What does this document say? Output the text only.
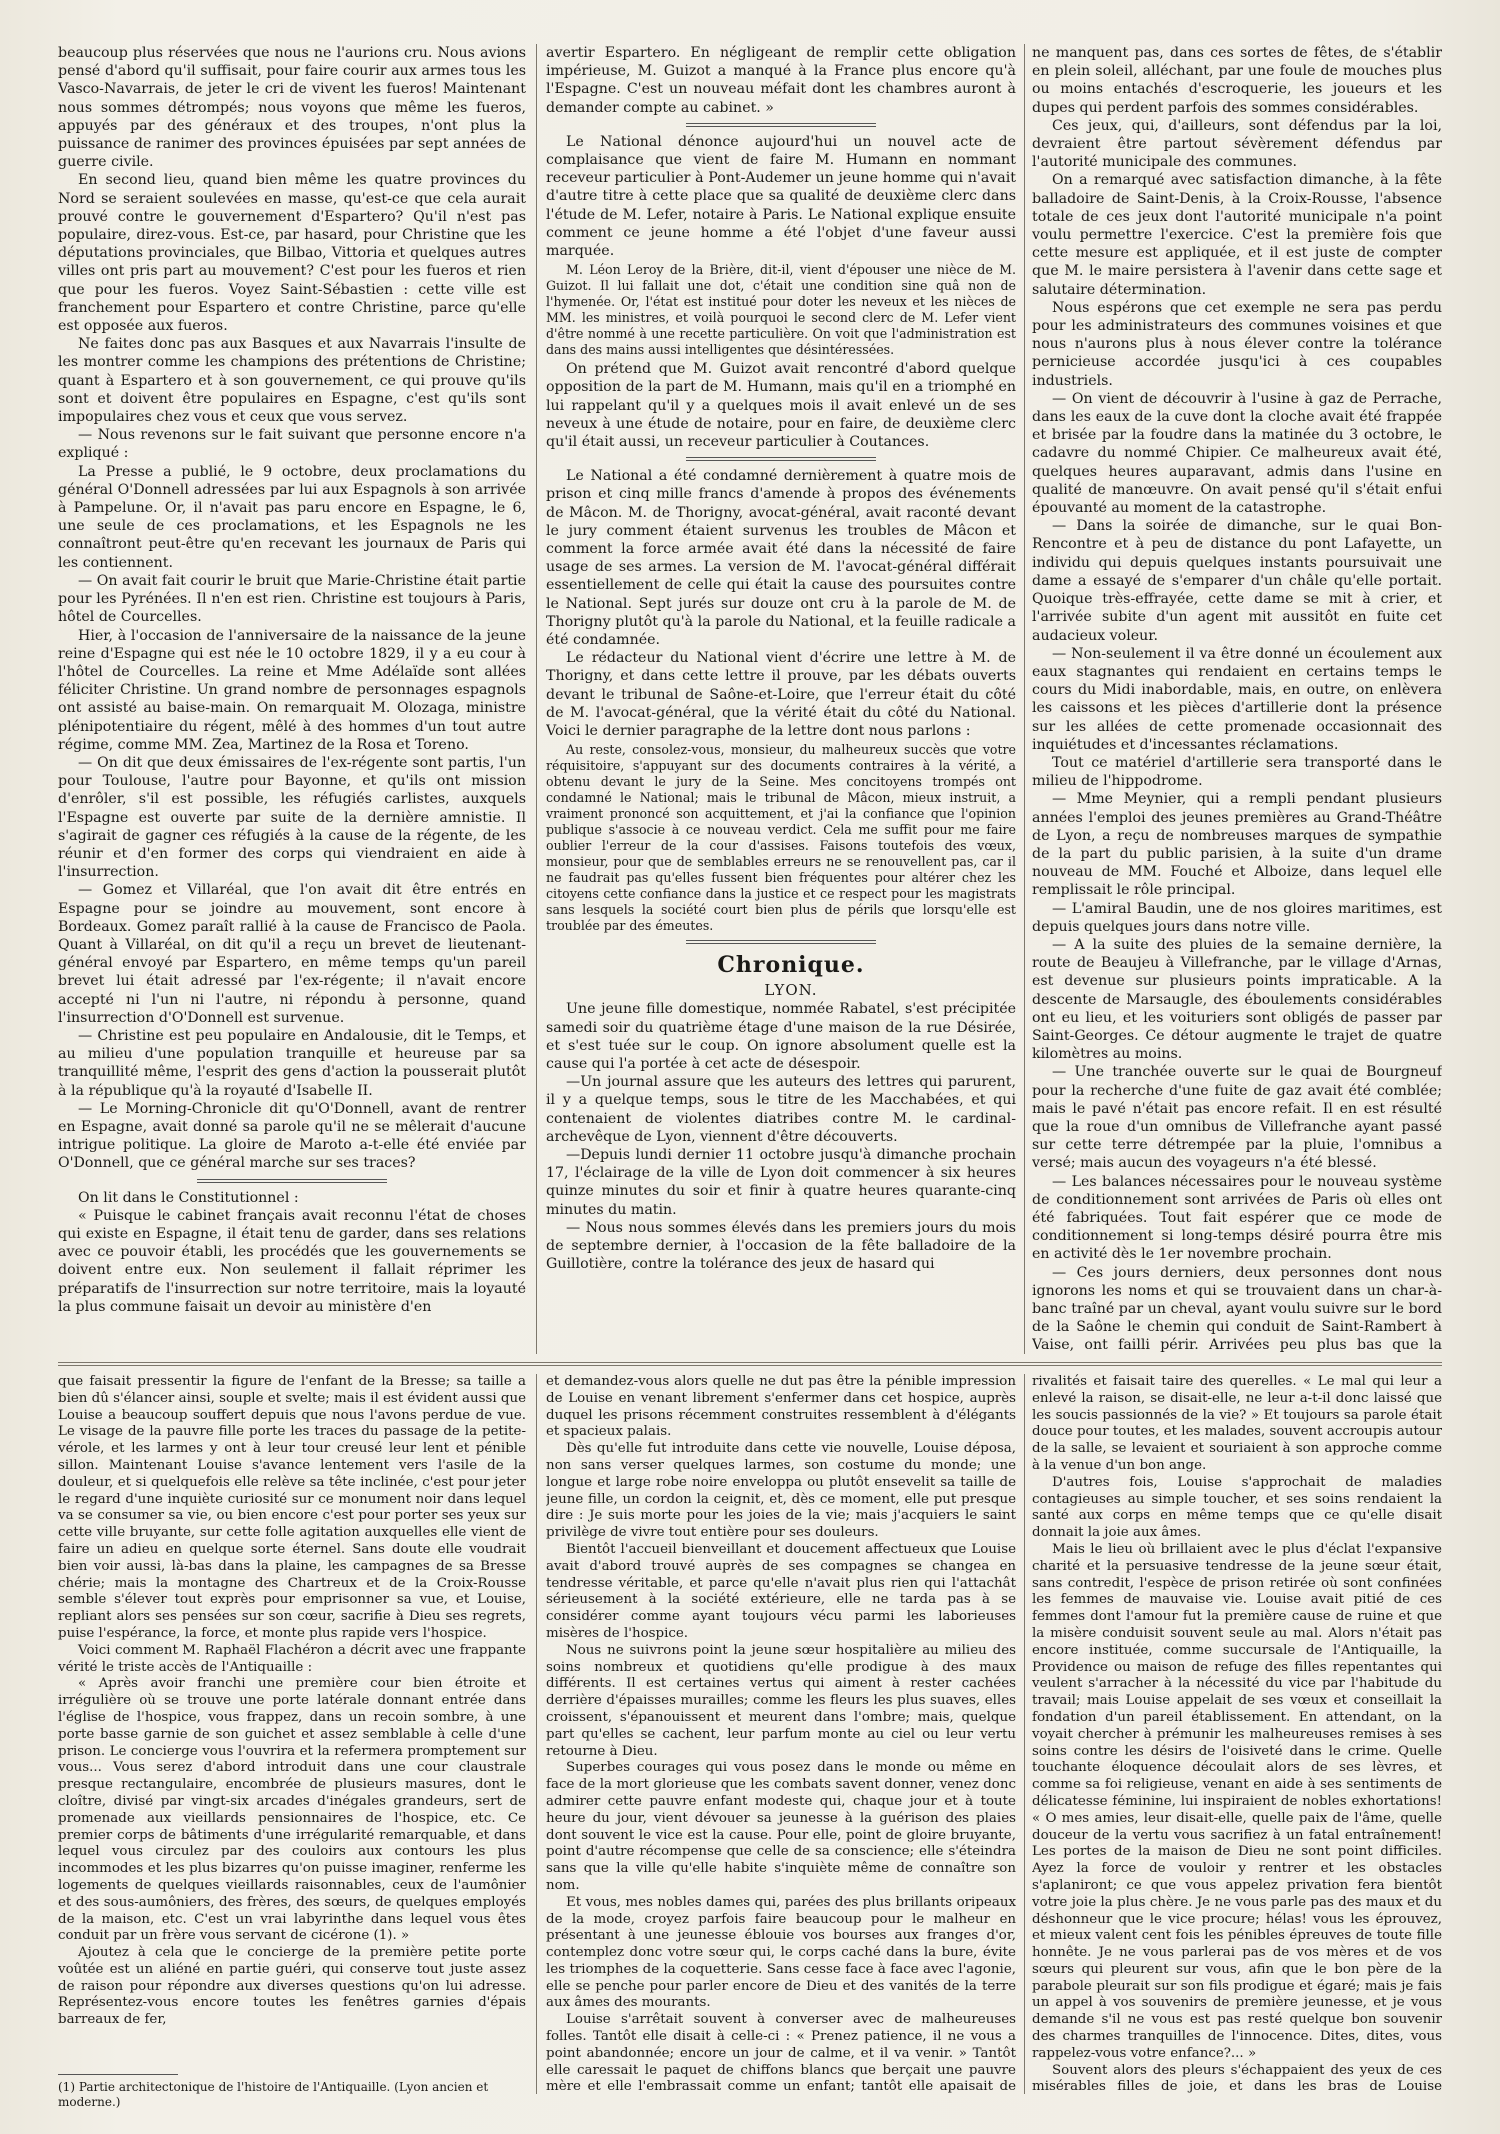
beaucoup plus réservées que nous ne l'aurions cru. Nous avions pensé d'abord qu'il suffisait, pour faire courir aux armes tous les Vasco-Navarrais, de jeter le cri de vivent les fueros! Maintenant nous sommes détrompés; nous voyons que même les fueros, appuyés par des généraux et des troupes, n'ont plus la puissance de ranimer des provinces épuisées par sept années de guerre civile.

En second lieu, quand bien même les quatre provinces du Nord se seraient soulevées en masse, qu'est-ce que cela aurait prouvé contre le gouvernement d'Espartero? Qu'il n'est pas populaire, direz-vous. Est-ce, par hasard, pour Christine que les députations provinciales, que Bilbao, Vittoria et quelques autres villes ont pris part au mouvement? C'est pour les fueros et rien que pour les fueros. Voyez Saint-Sébastien : cette ville est franchement pour Espartero et contre Christine, parce qu'elle est opposée aux fueros.

Ne faites donc pas aux Basques et aux Navarrais l'insulte de les montrer comme les champions des prétentions de Christine; quant à Espartero et à son gouvernement, ce qui prouve qu'ils sont et doivent être populaires en Espagne, c'est qu'ils sont impopulaires chez vous et ceux que vous servez.

— Nous revenons sur le fait suivant que personne encore n'a expliqué :

La Presse a publié, le 9 octobre, deux proclamations du général O'Donnell adressées par lui aux Espagnols à son arrivée à Pampelune. Or, il n'avait pas paru encore en Espagne, le 6, une seule de ces proclamations, et les Espagnols ne les connaîtront peut-être qu'en recevant les journaux de Paris qui les contiennent.

— On avait fait courir le bruit que Marie-Christine était partie pour les Pyrénées. Il n'en est rien. Christine est toujours à Paris, hôtel de Courcelles.

Hier, à l'occasion de l'anniversaire de la naissance de la jeune reine d'Espagne qui est née le 10 octobre 1829, il y a eu cour à l'hôtel de Courcelles. La reine et Mme Adélaïde sont allées féliciter Christine. Un grand nombre de personnages espagnols ont assisté au baise-main. On remarquait M. Olozaga, ministre plénipotentiaire du régent, mêlé à des hommes d'un tout autre régime, comme MM. Zea, Martinez de la Rosa et Toreno.

— On dit que deux émissaires de l'ex-régente sont partis, l'un pour Toulouse, l'autre pour Bayonne, et qu'ils ont mission d'enrôler, s'il est possible, les réfugiés carlistes, auxquels l'Espagne est ouverte par suite de la dernière amnistie. Il s'agirait de gagner ces réfugiés à la cause de la régente, de les réunir et d'en former des corps qui viendraient en aide à l'insurrection.

— Gomez et Villaréal, que l'on avait dit être entrés en Espagne pour se joindre au mouvement, sont encore à Bordeaux. Gomez paraît rallié à la cause de Francisco de Paola. Quant à Villaréal, on dit qu'il a reçu un brevet de lieutenant-général envoyé par Espartero, en même temps qu'un pareil brevet lui était adressé par l'ex-régente; il n'avait encore accepté ni l'un ni l'autre, ni répondu à personne, quand l'insurrection d'O'Donnell est survenue.

— Christine est peu populaire en Andalousie, dit le Temps, et au milieu d'une population tranquille et heureuse par sa tranquillité même, l'esprit des gens d'action la pousserait plutôt à la république qu'à la royauté d'Isabelle II.

— Le Morning-Chronicle dit qu'O'Donnell, avant de rentrer en Espagne, avait donné sa parole qu'il ne se mêlerait d'aucune intrigue politique. La gloire de Maroto a-t-elle été enviée par O'Donnell, que ce général marche sur ses traces?

On lit dans le Constitutionnel :

« Puisque le cabinet français avait reconnu l'état de choses qui existe en Espagne, il était tenu de garder, dans ses relations avec ce pouvoir établi, les procédés que les gouvernements se doivent entre eux. Non seulement il fallait réprimer les préparatifs de l'insurrection sur notre territoire, mais la loyauté la plus commune faisait un devoir au ministère d'en

avertir Espartero. En négligeant de remplir cette obligation impérieuse, M. Guizot a manqué à la France plus encore qu'à l'Espagne. C'est un nouveau méfait dont les chambres auront à demander compte au cabinet. »

Le National dénonce aujourd'hui un nouvel acte de complaisance que vient de faire M. Humann en nommant receveur particulier à Pont-Audemer un jeune homme qui n'avait d'autre titre à cette place que sa qualité de deuxième clerc dans l'étude de M. Lefer, notaire à Paris. Le National explique ensuite comment ce jeune homme a été l'objet d'une faveur aussi marquée.

M. Léon Leroy de la Brière, dit-il, vient d'épouser une nièce de M. Guizot. Il lui fallait une dot, c'était une condition sine quâ non de l'hymenée. Or, l'état est institué pour doter les neveux et les nièces de MM. les ministres, et voilà pourquoi le second clerc de M. Lefer vient d'être nommé à une recette particulière. On voit que l'administration est dans des mains aussi intelligentes que désintéressées.

On prétend que M. Guizot avait rencontré d'abord quelque opposition de la part de M. Humann, mais qu'il en a triomphé en lui rappelant qu'il y a quelques mois il avait enlevé un de ses neveux à une étude de notaire, pour en faire, de deuxième clerc qu'il était aussi, un receveur particulier à Coutances.

Le National a été condamné dernièrement à quatre mois de prison et cinq mille francs d'amende à propos des événements de Mâcon. M. de Thorigny, avocat-général, avait raconté devant le jury comment étaient survenus les troubles de Mâcon et comment la force armée avait été dans la nécessité de faire usage de ses armes. La version de M. l'avocat-général différait essentiellement de celle qui était la cause des poursuites contre le National. Sept jurés sur douze ont cru à la parole de M. de Thorigny plutôt qu'à la parole du National, et la feuille radicale a été condamnée.

Le rédacteur du National vient d'écrire une lettre à M. de Thorigny, et dans cette lettre il prouve, par les débats ouverts devant le tribunal de Saône-et-Loire, que l'erreur était du côté de M. l'avocat-général, que la vérité était du côté du National. Voici le dernier paragraphe de la lettre dont nous parlons :

Au reste, consolez-vous, monsieur, du malheureux succès que votre réquisitoire, s'appuyant sur des documents contraires à la vérité, a obtenu devant le jury de la Seine. Mes concitoyens trompés ont condamné le National; mais le tribunal de Mâcon, mieux instruit, a vraiment prononcé son acquittement, et j'ai la confiance que l'opinion publique s'associe à ce nouveau verdict. Cela me suffit pour me faire oublier l'erreur de la cour d'assises. Faisons toutefois des vœux, monsieur, pour que de semblables erreurs ne se renouvellent pas, car il ne faudrait pas qu'elles fussent bien fréquentes pour altérer chez les citoyens cette confiance dans la justice et ce respect pour les magistrats sans lesquels la société court bien plus de périls que lorsqu'elle est troublée par des émeutes.

Chronique.

LYON.

Une jeune fille domestique, nommée Rabatel, s'est précipitée samedi soir du quatrième étage d'une maison de la rue Désirée, et s'est tuée sur le coup. On ignore absolument quelle est la cause qui l'a portée à cet acte de désespoir.

—Un journal assure que les auteurs des lettres qui parurent, il y a quelque temps, sous le titre de les Macchabées, et qui contenaient de violentes diatribes contre M. le cardinal-archevêque de Lyon, viennent d'être découverts.

—Depuis lundi dernier 11 octobre jusqu'à dimanche prochain 17, l'éclairage de la ville de Lyon doit commencer à six heures quinze minutes du soir et finir à quatre heures quarante-cinq minutes du matin.

— Nous nous sommes élevés dans les premiers jours du mois de septembre dernier, à l'occasion de la fête balladoire de la Guillotière, contre la tolérance des jeux de hasard qui

ne manquent pas, dans ces sortes de fêtes, de s'établir en plein soleil, alléchant, par une foule de mouches plus ou moins entachés d'escroquerie, les joueurs et les dupes qui perdent parfois des sommes considérables.

Ces jeux, qui, d'ailleurs, sont défendus par la loi, devraient être partout sévèrement défendus par l'autorité municipale des communes.

On a remarqué avec satisfaction dimanche, à la fête balladoire de Saint-Denis, à la Croix-Rousse, l'absence totale de ces jeux dont l'autorité municipale n'a point voulu permettre l'exercice. C'est la première fois que cette mesure est appliquée, et il est juste de compter que M. le maire persistera à l'avenir dans cette sage et salutaire détermination.

Nous espérons que cet exemple ne sera pas perdu pour les administrateurs des communes voisines et que nous n'aurons plus à nous élever contre la tolérance pernicieuse accordée jusqu'ici à ces coupables industriels.

— On vient de découvrir à l'usine à gaz de Perrache, dans les eaux de la cuve dont la cloche avait été frappée et brisée par la foudre dans la matinée du 3 octobre, le cadavre du nommé Chipier. Ce malheureux avait été, quelques heures auparavant, admis dans l'usine en qualité de manœuvre. On avait pensé qu'il s'était enfui épouvanté au moment de la catastrophe.

— Dans la soirée de dimanche, sur le quai Bon-Rencontre et à peu de distance du pont Lafayette, un individu qui depuis quelques instants poursuivait une dame a essayé de s'emparer d'un châle qu'elle portait. Quoique très-effrayée, cette dame se mit à crier, et l'arrivée subite d'un agent mit aussitôt en fuite cet audacieux voleur.

— Non-seulement il va être donné un écoulement aux eaux stagnantes qui rendaient en certains temps le cours du Midi inabordable, mais, en outre, on enlèvera les caissons et les pièces d'artillerie dont la présence sur les allées de cette promenade occasionnait des inquiétudes et d'incessantes réclamations.

Tout ce matériel d'artillerie sera transporté dans le milieu de l'hippodrome.

— Mme Meynier, qui a rempli pendant plusieurs années l'emploi des jeunes premières au Grand-Théâtre de Lyon, a reçu de nombreuses marques de sympathie de la part du public parisien, à la suite d'un drame nouveau de MM. Fouché et Alboize, dans lequel elle remplissait le rôle principal.

— L'amiral Baudin, une de nos gloires maritimes, est depuis quelques jours dans notre ville.

— A la suite des pluies de la semaine dernière, la route de Beaujeu à Villefranche, par le village d'Arnas, est devenue sur plusieurs points impraticable. A la descente de Marsaugle, des éboulements considérables ont eu lieu, et les voituriers sont obligés de passer par Saint-Georges. Ce détour augmente le trajet de quatre kilomètres au moins.

— Une tranchée ouverte sur le quai de Bourgneuf pour la recherche d'une fuite de gaz avait été comblée; mais le pavé n'était pas encore refait. Il en est résulté que la roue d'un omnibus de Villefranche ayant passé sur cette terre détrempée par la pluie, l'omnibus a versé; mais aucun des voyageurs n'a été blessé.

— Les balances nécessaires pour le nouveau système de conditionnement sont arrivées de Paris où elles ont été fabriquées. Tout fait espérer que ce mode de conditionnement si long-temps désiré pourra être mis en activité dès le 1er novembre prochain.

— Ces jours derniers, deux personnes dont nous ignorons les noms et qui se trouvaient dans un char-à-banc traîné par un cheval, ayant voulu suivre sur le bord de la Saône le chemin qui conduit de Saint-Rambert à Vaise, ont failli périr. Arrivées peu plus bas que la

que faisait pressentir la figure de l'enfant de la Bresse; sa taille a bien dû s'élancer ainsi, souple et svelte; mais il est évident aussi que Louise a beaucoup souffert depuis que nous l'avons perdue de vue. Le visage de la pauvre fille porte les traces du passage de la petite-vérole, et les larmes y ont à leur tour creusé leur lent et pénible sillon. Maintenant Louise s'avance lentement vers l'asile de la douleur, et si quelquefois elle relève sa tête inclinée, c'est pour jeter le regard d'une inquiète curiosité sur ce monument noir dans lequel va se consumer sa vie, ou bien encore c'est pour porter ses yeux sur cette ville bruyante, sur cette folle agitation auxquelles elle vient de faire un adieu en quelque sorte éternel. Sans doute elle voudrait bien voir aussi, là-bas dans la plaine, les campagnes de sa Bresse chérie; mais la montagne des Chartreux et de la Croix-Rousse semble s'élever tout exprès pour emprisonner sa vue, et Louise, repliant alors ses pensées sur son cœur, sacrifie à Dieu ses regrets, puise l'espérance, la force, et monte plus rapide vers l'hospice.

Voici comment M. Raphaël Flachéron a décrit avec une frappante vérité le triste accès de l'Antiquaille :

« Après avoir franchi une première cour bien étroite et irrégulière où se trouve une porte latérale donnant entrée dans l'église de l'hospice, vous frappez, dans un recoin sombre, à une porte basse garnie de son guichet et assez semblable à celle d'une prison. Le concierge vous l'ouvrira et la refermera promptement sur vous... Vous serez d'abord introduit dans une cour claustrale presque rectangulaire, encombrée de plusieurs masures, dont le cloître, divisé par vingt-six arcades d'inégales grandeurs, sert de promenade aux vieillards pensionnaires de l'hospice, etc. Ce premier corps de bâtiments d'une irrégularité remarquable, et dans lequel vous circulez par des couloirs aux contours les plus incommodes et les plus bizarres qu'on puisse imaginer, renferme les logements de quelques vieillards raisonnables, ceux de l'aumônier et des sous-aumôniers, des frères, des sœurs, de quelques employés de la maison, etc. C'est un vrai labyrinthe dans lequel vous êtes conduit par un frère vous servant de cicérone (1). »

Ajoutez à cela que le concierge de la première petite porte voûtée est un aliéné en partie guéri, qui conserve tout juste assez de raison pour répondre aux diverses questions qu'on lui adresse. Représentez-vous encore toutes les fenêtres garnies d'épais barreaux de fer,

(1) Partie architectonique de l'histoire de l'Antiquaille. (Lyon ancien et moderne.)

et demandez-vous alors quelle ne dut pas être la pénible impression de Louise en venant librement s'enfermer dans cet hospice, auprès duquel les prisons récemment construites ressemblent à d'élégants et spacieux palais.

Dès qu'elle fut introduite dans cette vie nouvelle, Louise déposa, non sans verser quelques larmes, son costume du monde; une longue et large robe noire enveloppa ou plutôt ensevelit sa taille de jeune fille, un cordon la ceignit, et, dès ce moment, elle put presque dire : Je suis morte pour les joies de la vie; mais j'acquiers le saint privilège de vivre tout entière pour ses douleurs.

Bientôt l'accueil bienveillant et doucement affectueux que Louise avait d'abord trouvé auprès de ses compagnes se changea en tendresse véritable, et parce qu'elle n'avait plus rien qui l'attachât sérieusement à la société extérieure, elle ne tarda pas à se considérer comme ayant toujours vécu parmi les laborieuses misères de l'hospice.

Nous ne suivrons point la jeune sœur hospitalière au milieu des soins nombreux et quotidiens qu'elle prodigue à des maux différents. Il est certaines vertus qui aiment à rester cachées derrière d'épaisses murailles; comme les fleurs les plus suaves, elles croissent, s'épanouissent et meurent dans l'ombre; mais, quelque part qu'elles se cachent, leur parfum monte au ciel ou leur vertu retourne à Dieu.

Superbes courages qui vous posez dans le monde ou même en face de la mort glorieuse que les combats savent donner, venez donc admirer cette pauvre enfant modeste qui, chaque jour et à toute heure du jour, vient dévouer sa jeunesse à la guérison des plaies dont souvent le vice est la cause. Pour elle, point de gloire bruyante, point d'autre récompense que celle de sa conscience; elle s'éteindra sans que la ville qu'elle habite s'inquiète même de connaître son nom.

Et vous, mes nobles dames qui, parées des plus brillants oripeaux de la mode, croyez parfois faire beaucoup pour le malheur en présentant à une jeunesse éblouie vos bourses aux franges d'or, contemplez donc votre sœur qui, le corps caché dans la bure, évite les triomphes de la coquetterie. Sans cesse face à face avec l'agonie, elle se penche pour parler encore de Dieu et des vanités de la terre aux âmes des mourants.

Louise s'arrêtait souvent à converser avec de malheureuses folles. Tantôt elle disait à celle-ci : « Prenez patience, il ne vous a point abandonnée; encore un jour de calme, et il va venir. » Tantôt elle caressait le paquet de chiffons blancs que berçait une pauvre mère et elle l'embrassait comme un enfant; tantôt elle apaisait de

rivalités et faisait taire des querelles. « Le mal qui leur a enlevé la raison, se disait-elle, ne leur a-t-il donc laissé que les soucis passionnés de la vie? » Et toujours sa parole était douce pour toutes, et les malades, souvent accroupis autour de la salle, se levaient et souriaient à son approche comme à la venue d'un bon ange.

D'autres fois, Louise s'approchait de maladies contagieuses au simple toucher, et ses soins rendaient la santé aux corps en même temps que ce qu'elle disait donnait la joie aux âmes.

Mais le lieu où brillaient avec le plus d'éclat l'expansive charité et la persuasive tendresse de la jeune sœur était, sans contredit, l'espèce de prison retirée où sont confinées les femmes de mauvaise vie. Louise avait pitié de ces femmes dont l'amour fut la première cause de ruine et que la misère conduisit souvent seule au mal. Alors n'était pas encore instituée, comme succursale de l'Antiquaille, la Providence ou maison de refuge des filles repentantes qui veulent s'arracher à la nécessité du vice par l'habitude du travail; mais Louise appelait de ses vœux et conseillait la fondation d'un pareil établissement. En attendant, on la voyait chercher à prémunir les malheureuses remises à ses soins contre les désirs de l'oisiveté dans le crime. Quelle touchante éloquence découlait alors de ses lèvres, et comme sa foi religieuse, venant en aide à ses sentiments de délicatesse féminine, lui inspiraient de nobles exhortations! « O mes amies, leur disait-elle, quelle paix de l'âme, quelle douceur de la vertu vous sacrifiez à un fatal entraînement! Les portes de la maison de Dieu ne sont point difficiles. Ayez la force de vouloir y rentrer et les obstacles s'aplaniront; ce que vous appelez privation fera bientôt votre joie la plus chère. Je ne vous parle pas des maux et du déshonneur que le vice procure; hélas! vous les éprouvez, et mieux valent cent fois les pénibles épreuves de toute fille honnête. Je ne vous parlerai pas de vos mères et de vos sœurs qui pleurent sur vous, afin que le bon père de la parabole pleurait sur son fils prodigue et égaré; mais je fais un appel à vos souvenirs de première jeunesse, et je vous demande s'il ne vous est pas resté quelque bon souvenir des charmes tranquilles de l'innocence. Dites, dites, vous rappelez-vous votre enfance?... »

Souvent alors des pleurs s'échappaient des yeux de ces misérables filles de joie, et dans les bras de Louise
